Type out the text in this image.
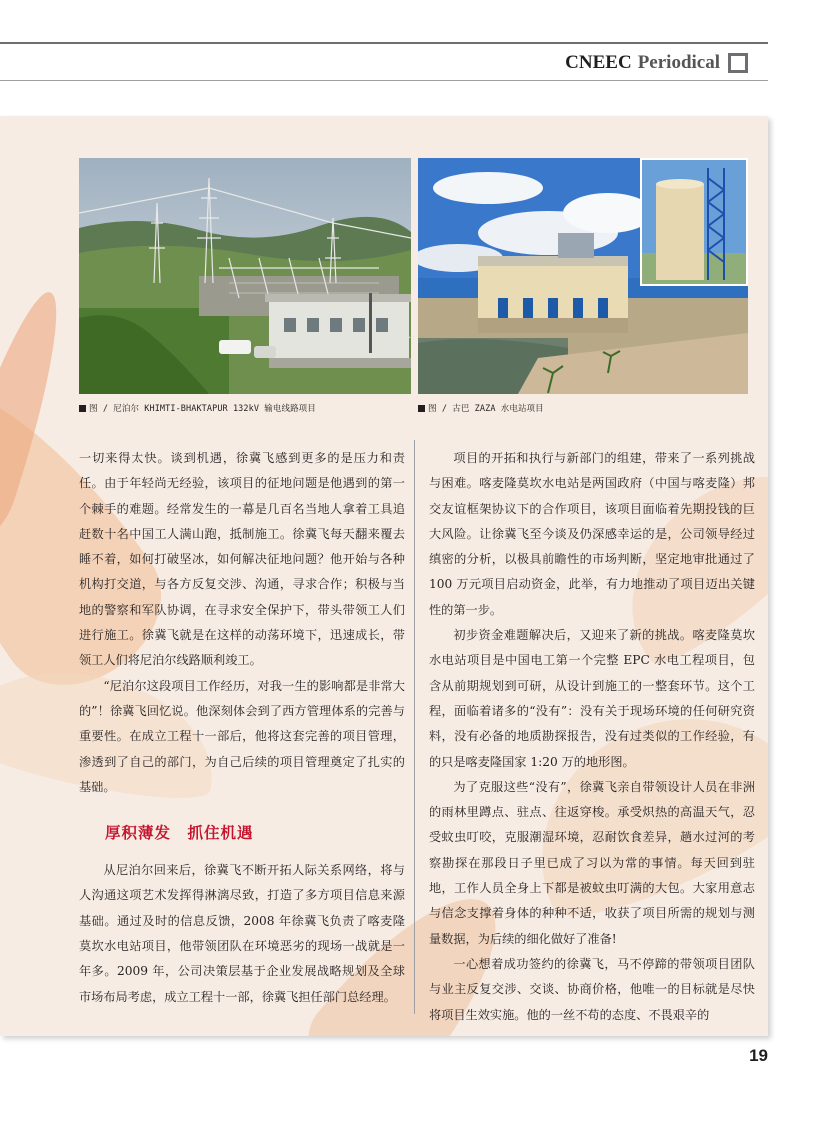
CNEEC Periodical
图 / 尼泊尔 KHIMTI-BHAKTAPUR 132kV 输电线路项目	图 / 古巴 ZAZA 水电站项目

一切来得太快。谈到机遇，徐冀飞感到更多的是压力和责任。由于年轻尚无经验，该项目的征地问题是他遇到的第一个棘手的难题。经常发生的一幕是几百名当地人拿着工具追赶数十名中国工人满山跑，抵制施工。徐冀飞每天翻来覆去睡不着，如何打破坚冰，如何解决征地问题？他开始与各种机构打交道，与各方反复交涉、沟通，寻求合作；积极与当地的警察和军队协调，在寻求安全保护下，带头带领工人们进行施工。徐冀飞就是在这样的动荡环境下，迅速成长，带领工人们将尼泊尔线路顺利竣工。

“尼泊尔这段项目工作经历，对我一生的影响都是非常大的”！徐冀飞回忆说。他深刻体会到了西方管理体系的完善与重要性。在成立工程十一部后，他将这套完善的项目管理，渗透到了自己的部门，为自己后续的项目管理奠定了扎实的基础。

厚积薄发　抓住机遇

从尼泊尔回来后，徐冀飞不断开拓人际关系网络，将与人沟通这项艺术发挥得淋漓尽致，打造了多方项目信息来源基础。通过及时的信息反馈，2008 年徐冀飞负责了喀麦隆莫坎水电站项目，他带领团队在环境恶劣的现场一战就是一年多。2009 年，公司决策层基于企业发展战略规划及全球市场布局考虑，成立工程十一部，徐冀飞担任部门总经理。

项目的开拓和执行与新部门的组建，带来了一系列挑战与困难。喀麦隆莫坎水电站是两国政府（中国与喀麦隆）邦交友谊框架协议下的合作项目，该项目面临着先期投钱的巨大风险。让徐冀飞至今谈及仍深感幸运的是，公司领导经过缜密的分析，以极具前瞻性的市场判断，坚定地审批通过了 100 万元项目启动资金，此举，有力地推动了项目迈出关键性的第一步。

初步资金难题解决后，又迎来了新的挑战。喀麦隆莫坎水电站项目是中国电工第一个完整 EPC 水电工程项目，包含从前期规划到可研，从设计到施工的一整套环节。这个工程，面临着诸多的“没有”：没有关于现场环境的任何研究资料，没有必备的地质勘探报告，没有过类似的工作经验，有的只是喀麦隆国家 1:20 万的地形图。

为了克服这些“没有”，徐冀飞亲自带领设计人员在非洲的雨林里蹲点、驻点、往返穿梭。承受炽热的高温天气，忍受蚊虫叮咬，克服潮湿环境，忍耐饮食差异，趟水过河的考察勘探在那段日子里已成了习以为常的事情。每天回到驻地，工作人员全身上下都是被蚊虫叮满的大包。大家用意志与信念支撑着身体的种种不适，收获了项目所需的规划与测量数据，为后续的细化做好了准备!

一心想着成功签约的徐冀飞，马不停蹄的带领项目团队与业主反复交涉、交谈、协商价格，他唯一的目标就是尽快将项目生效实施。他的一丝不苟的态度、不畏艰辛的

19
